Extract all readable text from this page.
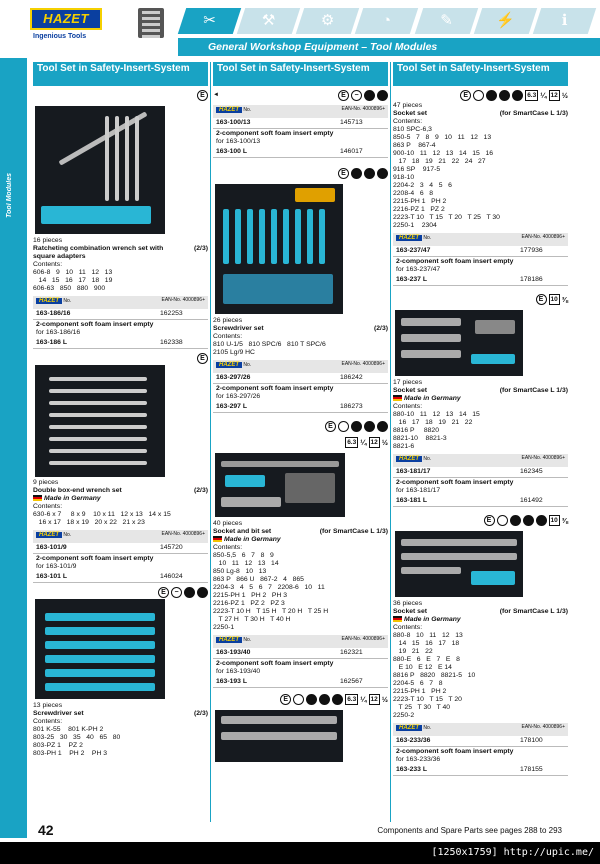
HAZET
Ingenious Tools
✂	⚒	⚙	◔	✎	⚡	ℹ
General Workshop Equipment – Tool Modules
Tool Modules
Tool Set in Safety-Insert-System
E
16 pieces
Ratcheting combination wrench set with square adapters
(2/3)
Contents:
606-8   9   10   11   12   13
14   15   16   17   18   19
606-63   850   880   900
HAZET No.	EAN-No. 4000896+
163-186/16	162253
2-component soft foam insert empty
for 163-186/16
163-186 L	162338
E
9 pieces
Double box-end wrench set	(2/3)
Made in Germany
Contents:
630-6 x 7     8 x 9    10 x 11   12 x 13   14 x 15
16 x 17   18 x 19   20 x 22   21 x 23
HAZET No.	EAN-No. 4000896+
163-101/9	145720
2-component soft foam insert empty
for 163-101/9
163-101 L	146024
E	−
13 pieces
Screwdriver set	(2/3)
Contents:
801 K-55    801 K-PH 2
803-25   30   35   40   65   80
803-PZ 1    PZ 2
803-PH 1    PH 2    PH 3
Tool Set in Safety-Insert-System
◄	E	−
HAZET No.	EAN-No. 4000896+
163-100/13	145713
2-component soft foam insert empty
for 163-100/13
163-100 L	146017
E
26 pieces
Screwdriver set	(2/3)
Contents:
810 U-1/5   810 SPC/6   810 T SPC/6
2105 Lg/9 HC
HAZET No.	EAN-No. 4000896+
163-297/26	186242
2-component soft foam insert empty
for 163-297/26
163-297 L	186273
E
6.3 ¼ 12 ½
40 pieces
Socket and bit set	(for SmartCase L 1/3)
Made in Germany
Contents:
850-5,5   6   7   8   9
10   11   12   13   14
850 Lg-8   10   13
863 P   866 U   867-2   4   865
2204-3   4   5   6   7   2208-6   10   11
2215-PH 1   PH 2   PH 3
2216-PZ 1   PZ 2   PZ 3
2223-T 10 H   T 15 H   T 20 H   T 25 H
T 27 H   T 30 H   T 40 H
2250-1
HAZET No.	EAN-No. 4000896+
163-193/40	162321
2-component soft foam insert empty
for 163-193/40
163-193 L	162567
E	6.3 ¼ 12 ½
Tool Set in Safety-Insert-System
E	6.3 ¼ 12 ½
47 pieces
Socket set	(for SmartCase L 1/3)
Contents:
810 SPC-6,3
850-5   7   8   9   10   11   12   13
863 P    867-4
900-10   11   12   13   14   15   16
17   18   19   21   22   24   27
916 SP    917-5
918-10
2204-2   3   4   5   6
2208-4   6   8
2215-PH 1   PH 2
2216-PZ 1   PZ 2
2223-T 10   T 15   T 20   T 25   T 30
2250-1    2304
HAZET No.	EAN-No. 4000896+
163-237/47	177936
2-component soft foam insert empty
for 163-237/47
163-237 L	178186
E	10 ⅜
17 pieces
Socket set	(for SmartCase L 1/3)
Made in Germany
Contents:
880-10   11   12   13   14   15
16   17   18   19   21   22
8816 P     8820
8821-10    8821-3
8821-6
HAZET No.	EAN-No. 4000896+
163-181/17	162345
2-component soft foam insert empty
for 163-181/17
163-181 L	161492
E	10 ⅜
36 pieces
Socket set	(for SmartCase L 1/3)
Made in Germany
Contents:
880-8   10   11   12   13
14   15   16   17   18
19   21   22
880-E   6   E   7   E   8
E 10   E 12   E 14
8816 P   8820   8821-5   10
2204-5   6   7   8
2215-PH 1   PH 2
2223-T 10   T 15   T 20
T 25   T 30   T 40
2250-2
HAZET No.	EAN-No. 4000896+
163-233/36	178100
2-component soft foam insert empty
for 163-233/36
163-233 L	178155
42	Components and Spare Parts see pages 288 to 293
[1250x1759] http://upic.me/
